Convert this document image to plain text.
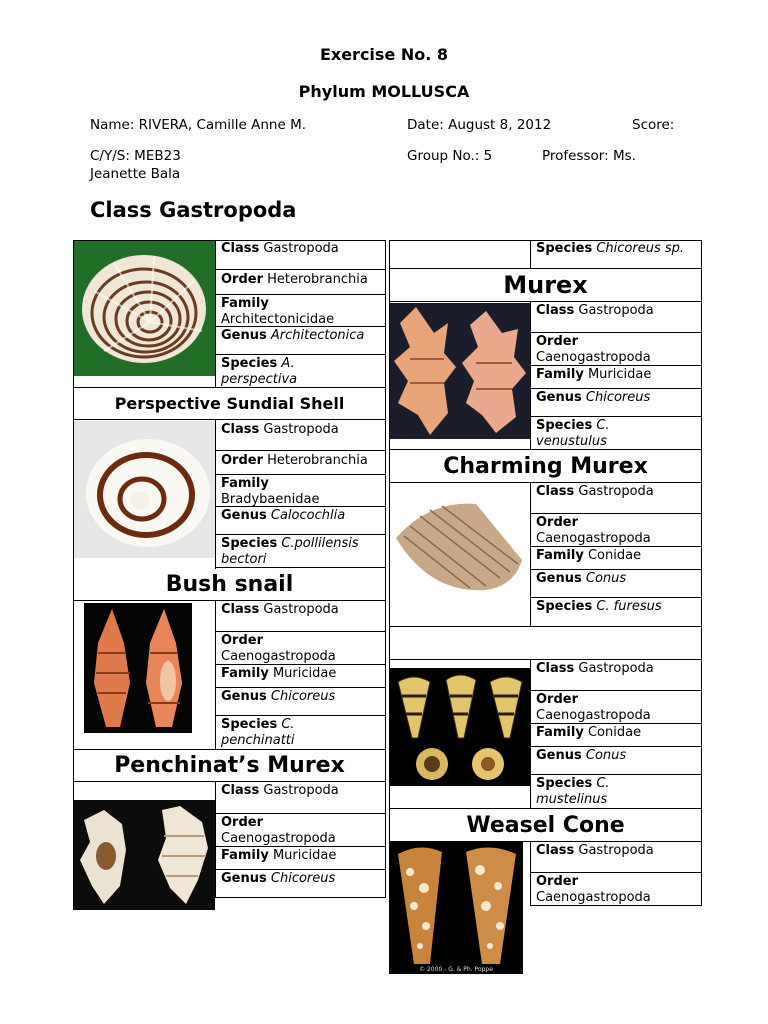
Exercise No. 8
Phylum MOLLUSCA
Name: RIVERA, Camille Anne M.	Date: August 8, 2012	Score:
C/Y/S: MEB23	Group No.: 5	Professor: Ms.
Jeanette Bala
Class Gastropoda
Class Gastropoda
Order Heterobranchia
Family
Architectonicidae
Genus Architectonica
Species A.
perspectiva
Perspective Sundial Shell
Class Gastropoda
Order Heterobranchia
Family
Bradybaenidae
Genus Calocochlia
Species C.pollilensis
bectori
Bush snail
Class Gastropoda
Order
Caenogastropoda
Family Muricidae
Genus Chicoreus
Species C.
penchinatti
Penchinat’s Murex
Class Gastropoda
Order
Caenogastropoda
Family Muricidae
Genus Chicoreus
Species Chicoreus sp.
Murex
Class Gastropoda
Order
Caenogastropoda
Family Muricidae
Genus Chicoreus
Species C.
venustulus
Charming Murex
Class Gastropoda
Order
Caenogastropoda
Family Conidae
Genus Conus
Species C. furesus
Class Gastropoda
Order
Caenogastropoda
Family Conidae
Genus Conus
Species C.
mustelinus
Weasel Cone
© 2000 - G. & Ph. Poppe
Class Gastropoda
Order
Caenogastropoda
